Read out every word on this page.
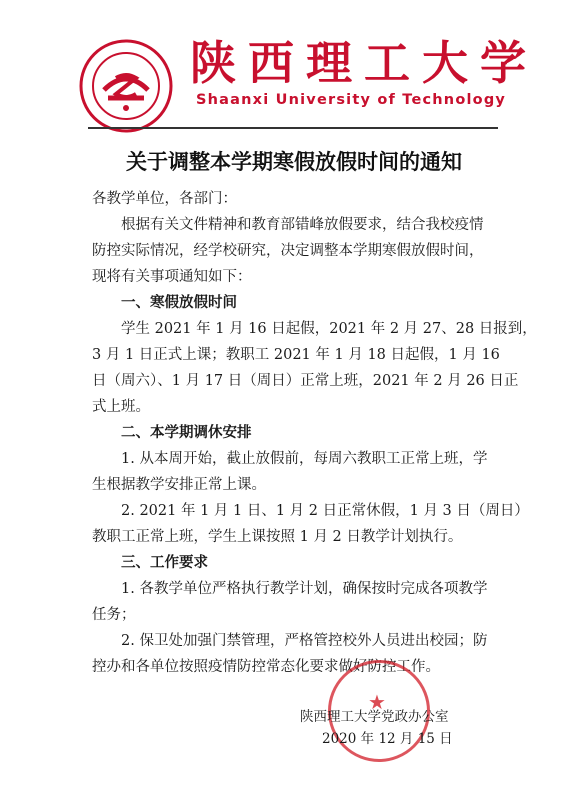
陕西理工大学
Shaanxi University of Technology
关于调整本学期寒假放假时间的通知
各教学单位，各部门：
根据有关文件精神和教育部错峰放假要求，结合我校疫情
防控实际情况，经学校研究，决定调整本学期寒假放假时间，
现将有关事项通知如下：
一、寒假放假时间
学生 2021 年 1 月 16 日起假，2021 年 2 月 27、28 日报到，
3 月 1 日正式上课；教职工 2021 年 1 月 18 日起假，1 月 16
日（周六）、1 月 17 日（周日）正常上班，2021 年 2 月 26 日正
式上班。
二、本学期调休安排
1. 从本周开始，截止放假前，每周六教职工正常上班，学
生根据教学安排正常上课。
2. 2021 年 1 月 1 日、1 月 2 日正常休假，1 月 3 日（周日）
教职工正常上班，学生上课按照 1 月 2 日教学计划执行。
三、工作要求
1. 各教学单位严格执行教学计划，确保按时完成各项教学
任务；
2. 保卫处加强门禁管理，严格管控校外人员进出校园；防
控办和各单位按照疫情防控常态化要求做好防控工作。
★
陕西理工大学党政办公室
2020 年 12 月 15 日
